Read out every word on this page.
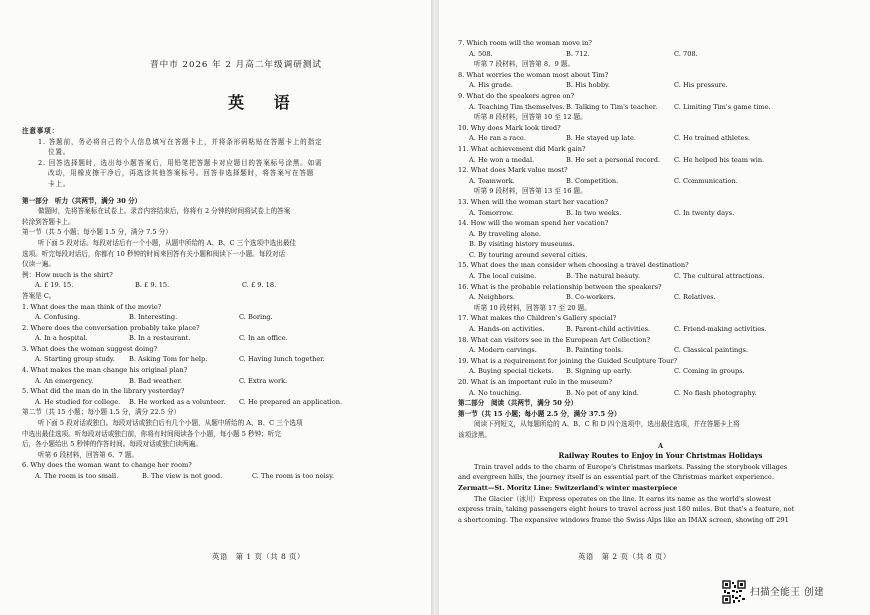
晋中市 2026 年 2 月高二年级调研测试
英 语
注意事项：
1. 答题前，务必将自己的个人信息填写在答题卡上，并将条形码粘贴在答题卡上的指定
位置。
2. 回答选择题时，选出每小题答案后，用铅笔把答题卡对应题目的答案标号涂黑。如需
改动，用橡皮擦干净后，再选涂其他答案标号。回答非选择题时，将答案写在答题
卡上。
第一部分　听力（共两节，满分 30 分）
做题时，先将答案标在试卷上。录音内容结束后，你将有 2 分钟的时间将试卷上的答案
转涂到答题卡上。
第一节（共 5 小题；每小题 1.5 分，满分 7.5 分）
听下面 5 段对话。每段对话后有一个小题，从题中所给的 A、B、C 三个选项中选出最佳
选项。听完每段对话后，你都有 10 秒钟的时间来回答有关小题和阅读下一小题。每段对话
仅读一遍。
例：How much is the shirt?
A. £ 19. 15.	B. £ 9. 15.	C. £ 9. 18.
答案是 C。
1. What does the man think of the movie?
A. Confusing.	B. Interesting.	C. Boring.
2. Where does the conversation probably take place?
A. In a hospital.	B. In a restaurant.	C. In an office.
3. What does the woman suggest doing?
A. Starting group study.	B. Asking Tom for help.	C. Having lunch together.
4. What makes the man change his original plan?
A. An emergency.	B. Bad weather.	C. Extra work.
5. What did the man do in the library yesterday?
A. He studied for college.	B. He worked as a volunteer.	C. He prepared an application.
第二节（共 15 小题；每小题 1.5 分，满分 22.5 分）
听下面 5 段对话或独白。每段对话或独白后有几个小题，从题中所给的 A、B、C 三个选项
中选出最佳选项。听每段对话或独白前，你将有时间阅读各个小题，每小题 5 秒钟；听完
后，各小题给出 5 秒钟的作答时间。每段对话或独白读两遍。
听第 6 段材料，回答第 6、7 题。
6. Why does the woman want to change her room?
A. The room is too small.	B. The view is not good.	C. The room is too noisy.
英语　第 1 页（共 8 页）
7. Which room will the woman move in?
A. 508.	B. 712.	C. 708.
听第 7 段材料，回答第 8、9 题。
8. What worries the woman most about Tim?
A. His grade.	B. His hobby.	C. His pressure.
9. What do the speakers agree on?
A. Teaching Tim themselves. B. Talking to Tim's teacher.	C. Limiting Tim's game time.
听第 8 段材料，回答第 10 至 12 题。
10. Why does Mark look tired?
A. He ran a race.	B. He stayed up late.	C. He trained athletes.
11. What achievement did Mark gain?
A. He won a medal.	B. He set a personal record.	C. He helped his team win.
12. What does Mark value most?
A. Teamwork.	B. Competition.	C. Communication.
听第 9 段材料，回答第 13 至 16 题。
13. When will the woman start her vacation?
A. Tomorrow.	B. In two weeks.	C. In twenty days.
14. How will the woman spend her vacation?
A. By traveling alone.
B. By visiting history museums.
C. By touring around several cities.
15. What does the man consider when choosing a travel destination?
A. The local cuisine.	B. The natural beauty.	C. The cultural attractions.
16. What is the probable relationship between the speakers?
A. Neighbors.	B. Co-workers.	C. Relatives.
听第 10 段材料，回答第 17 至 20 题。
17. What makes the Children's Gallery special?
A. Hands-on activities.	B. Parent-child activities.	C. Friend-making activities.
18. What can visitors see in the European Art Collection?
A. Modern carvings.	B. Painting tools.	C. Classical paintings.
19. What is a requirement for joining the Guided Sculpture Tour?
A. Buying special tickets.	B. Signing up early.	C. Coming in groups.
20. What is an important rule in the museum?
A. No touching.	B. No pet of any kind.	C. No flash photography.
第二部分　阅读（共两节，满分 50 分）
第一节（共 15 小题；每小题 2.5 分，满分 37.5 分）
阅读下列短文，从每题所给的 A、B、C 和 D 四个选项中，选出最佳选项，并在答题卡上将
该项涂黑。
A
Railway Routes to Enjoy in Your Christmas Holidays
Train travel adds to the charm of Europe's Christmas markets. Passing the storybook villages
and evergreen hills, the journey itself is an essential part of the Christmas market experience.
Zermatt—St. Moritz Line: Switzerland's winter masterpiece
The Glacier（冰川）Express operates on the line. It earns its name as the world's slowest
express train, taking passengers eight hours to travel across just 180 miles. But that's a feature, not
a shortcoming. The expansive windows frame the Swiss Alps like an IMAX screen, showing off 291
英语　第 2 页（共 8 页）
扫描全能王 创建
